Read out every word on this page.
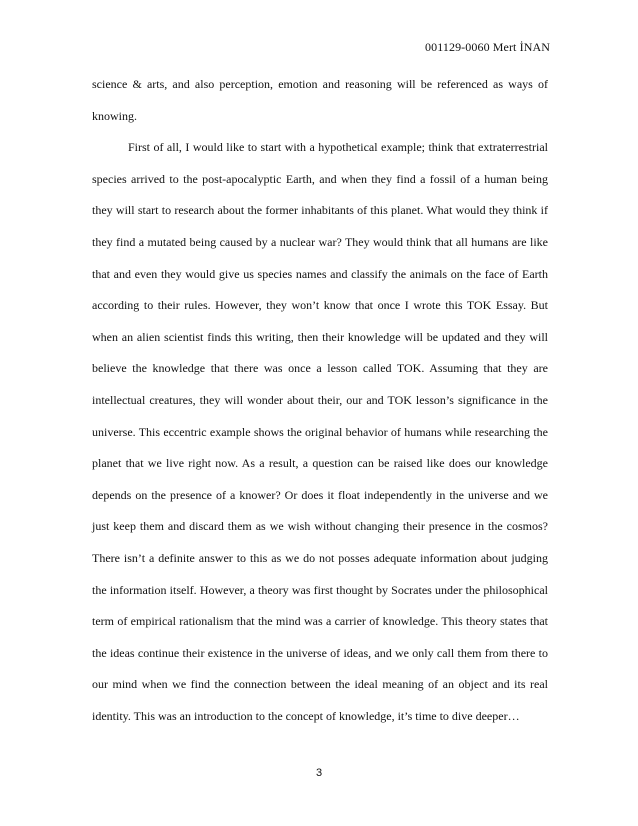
001129-0060 Mert İNAN

science & arts, and also perception, emotion and reasoning will be referenced as ways of knowing.

First of all, I would like to start with a hypothetical example; think that extraterrestrial species arrived to the post-apocalyptic Earth, and when they find a fossil of a human being they will start to research about the former inhabitants of this planet. What would they think if they find a mutated being caused by a nuclear war? They would think that all humans are like that and even they would give us species names and classify the animals on the face of Earth according to their rules. However, they won’t know that once I wrote this TOK Essay. But when an alien scientist finds this writing, then their knowledge will be updated and they will believe the knowledge that there was once a lesson called TOK. Assuming that they are intellectual creatures, they will wonder about their, our and TOK lesson’s significance in the universe. This eccentric example shows the original behavior of humans while researching the planet that we live right now. As a result, a question can be raised like does our knowledge depends on the presence of a knower? Or does it float independently in the universe and we just keep them and discard them as we wish without changing their presence in the cosmos? There isn’t a definite answer to this as we do not posses adequate information about judging the information itself. However, a theory was first thought by Socrates under the philosophical term of empirical rationalism that the mind was a carrier of knowledge. This theory states that the ideas continue their existence in the universe of ideas, and we only call them from there to our mind when we find the connection between the ideal meaning of an object and its real identity. This was an introduction to the concept of knowledge, it’s time to dive deeper…

3
